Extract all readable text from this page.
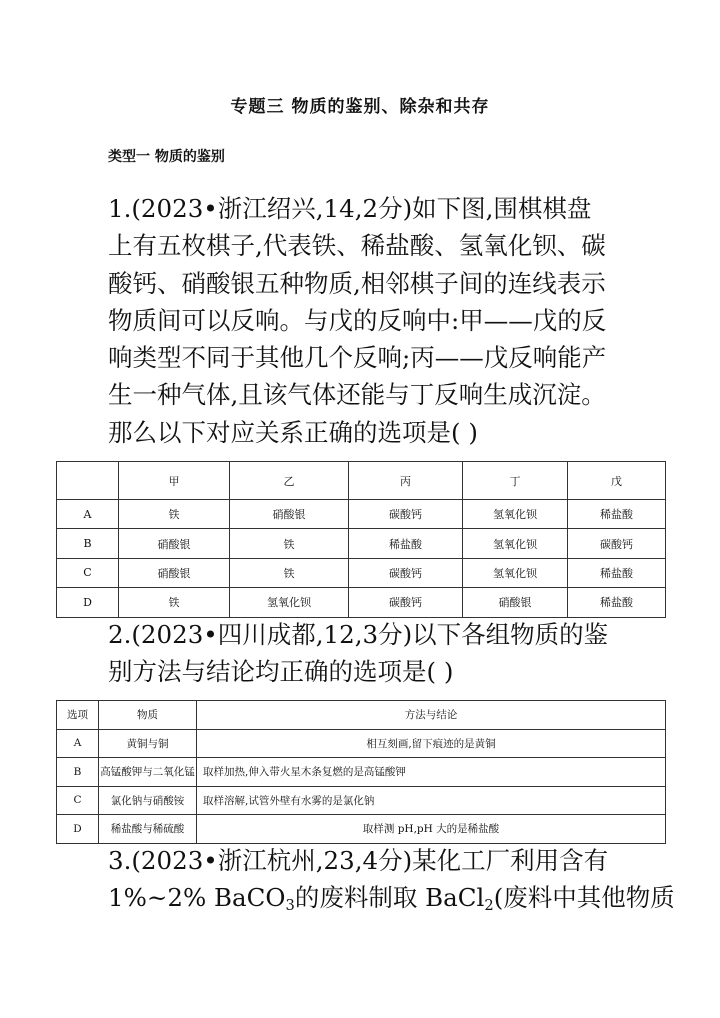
专题三 物质的鉴别、除杂和共存
类型一 物质的鉴别
1.(2023•浙江绍兴,14,2分)如下图,围棋棋盘
上有五枚棋子,代表铁、稀盐酸、氢氧化钡、碳
酸钙、硝酸银五种物质,相邻棋子间的连线表示
物质间可以反响。与戊的反响中:甲——戊的反
响类型不同于其他几个反响;丙——戊反响能产
生一种气体,且该气体还能与丁反响生成沉淀。
那么以下对应关系正确的选项是( )
	甲	乙	丙	丁	戊
A	铁	硝酸银	碳酸钙	氢氧化钡	稀盐酸
B	硝酸银	铁	稀盐酸	氢氧化钡	碳酸钙
C	硝酸银	铁	碳酸钙	氢氧化钡	稀盐酸
D	铁	氢氧化钡	碳酸钙	硝酸银	稀盐酸
2.(2023•四川成都,12,3分)以下各组物质的鉴
别方法与结论均正确的选项是( )
选项	物质	方法与结论
A	黄铜与铜	相互刻画,留下痕迹的是黄铜
B	高锰酸钾与二氧化锰	取样加热,伸入带火星木条复燃的是高锰酸钾
C	氯化钠与硝酸铵	取样溶解,试管外壁有水雾的是氯化钠
D	稀盐酸与稀硫酸	取样测 pH,pH 大的是稀盐酸
3.(2023•浙江杭州,23,4分)某化工厂利用含有
1%~2% BaCO$_3$的废料制取 BaCl$_2$(废料中其他物质
